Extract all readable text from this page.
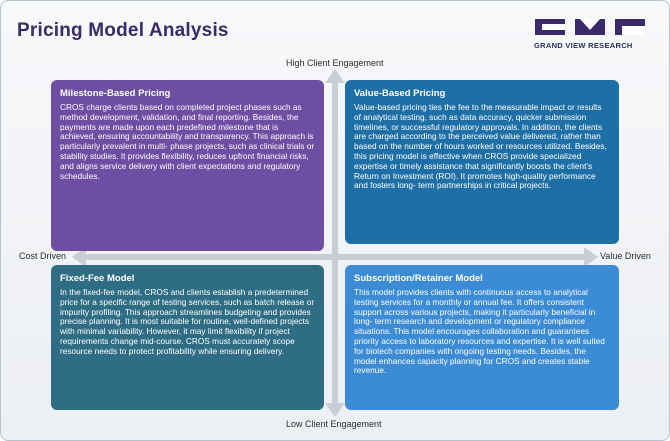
Pricing Model Analysis
GRAND VIEW RESEARCH
High Client Engagement
Low Client Engagement
Cost Driven	Value Driven
Milestone-Based Pricing
CROS charge clients based on completed project phases such as method development, validation, and final reporting. Besides, the payments are made upon each predefined milestone that is achieved, ensuring accountability and transparency. This approach is particularly prevalent in multi- phase projects, such as clinical trials or stability studies. It provides flexibility, reduces upfront financial risks, and aligns service delivery with client expectations and regulatory schedules.
Value-Based Pricing
Value-based pricing ties the fee to the measurable impact or results of analytical testing, such as data accuracy, quicker submission timelines, or successful regulatory approvals. In addition, the clients are charged according to the perceived value delivered, rather than based on the number of hours worked or resources utilized. Besides, this pricing model is effective when CROS provide specialized expertise or timely assistance that significantly boosts the client's Return on Investment (ROI). It promotes high-quality performance and fosters long- term partnerships in critical projects.
Fixed-Fee Model
In the fixed-fee model, CROS and clients establish a predetermined price for a specific range of testing services, such as batch release or impurity profiling. This approach streamlines budgeting and provides precise planning. It is most suitable for routine, well-defined projects with minimal variability. However, it may limit flexibility if project requirements change mid-course. CROS must accurately scope resource needs to protect profitability while ensuring delivery.
Subscription/Retainer Model
This model provides clients with continuous access to analytical testing services for a monthly or annual fee. It offers consistent support across various projects, making it particularly beneficial in long- term research and development or regulatory compliance situations. This model encourages collaboration and guarantees priority access to laboratory resources and expertise. It is well suited for biotech companies with ongoing testing needs. Besides, the model enhances capacity planning for CROS and creates stable revenue.
